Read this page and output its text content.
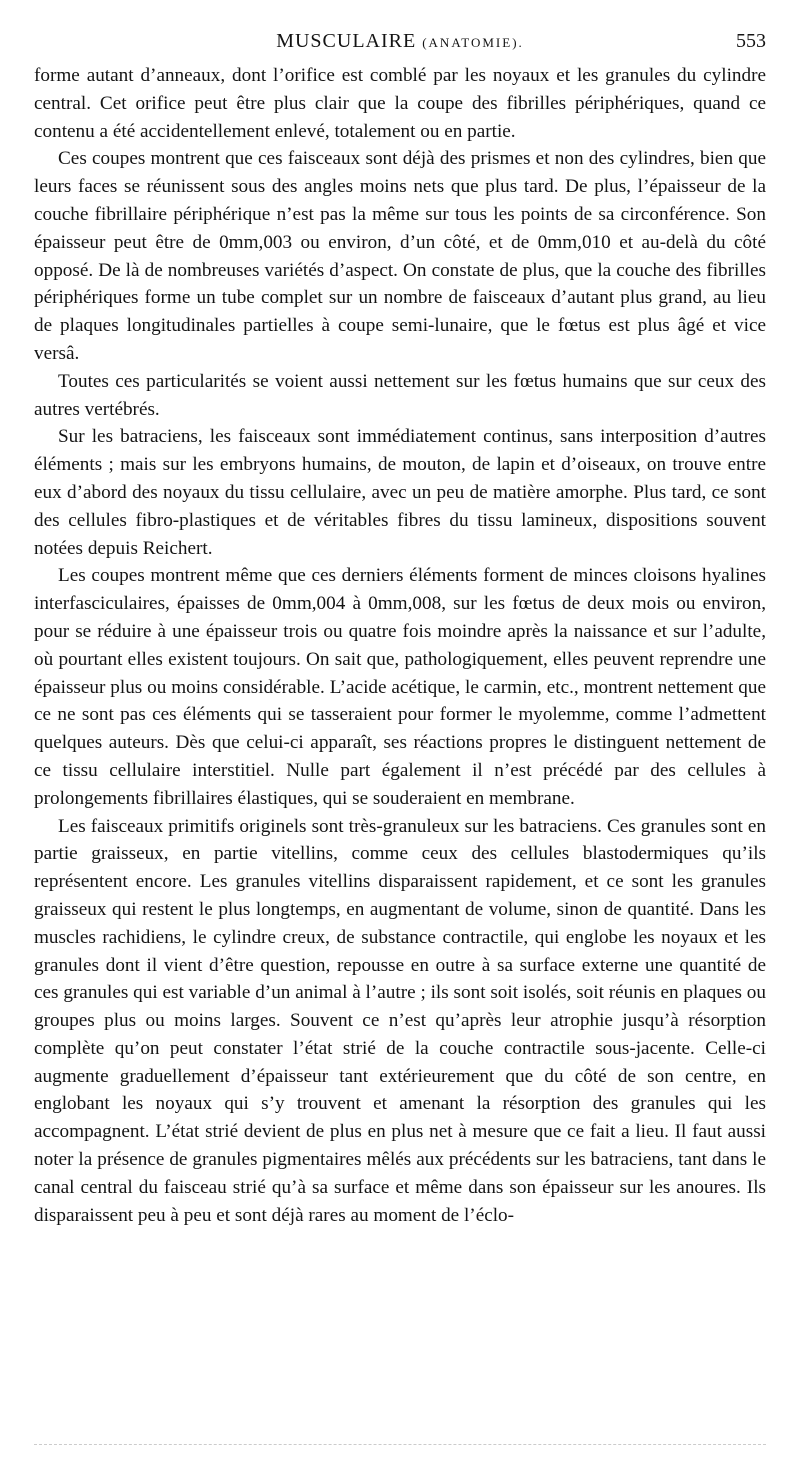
MUSCULAIRE (ANATOMIE).	553

forme autant d’anneaux, dont l’orifice est comblé par les noyaux et les granules du cylindre central. Cet orifice peut être plus clair que la coupe des fibrilles périphériques, quand ce contenu a été accidentellement enlevé, totalement ou en partie.

Ces coupes montrent que ces faisceaux sont déjà des prismes et non des cylindres, bien que leurs faces se réunissent sous des angles moins nets que plus tard. De plus, l’épaisseur de la couche fibrillaire périphérique n’est pas la même sur tous les points de sa circonférence. Son épaisseur peut être de 0mm,003 ou environ, d’un côté, et de 0mm,010 et au-delà du côté opposé. De là de nombreuses variétés d’aspect. On constate de plus, que la couche des fibrilles périphériques forme un tube complet sur un nombre de faisceaux d’autant plus grand, au lieu de plaques longitudinales partielles à coupe semi-lunaire, que le fœtus est plus âgé et vice versâ.

Toutes ces particularités se voient aussi nettement sur les fœtus humains que sur ceux des autres vertébrés.

Sur les batraciens, les faisceaux sont immédiatement continus, sans interposition d’autres éléments ; mais sur les embryons humains, de mouton, de lapin et d’oiseaux, on trouve entre eux d’abord des noyaux du tissu cellulaire, avec un peu de matière amorphe. Plus tard, ce sont des cellules fibro-plastiques et de véritables fibres du tissu lamineux, dispositions souvent notées depuis Reichert.

Les coupes montrent même que ces derniers éléments forment de minces cloisons hyalines interfasciculaires, épaisses de 0mm,004 à 0mm,008, sur les fœtus de deux mois ou environ, pour se réduire à une épaisseur trois ou quatre fois moindre après la naissance et sur l’adulte, où pourtant elles existent toujours. On sait que, pathologiquement, elles peuvent reprendre une épaisseur plus ou moins considérable. L’acide acétique, le carmin, etc., montrent nettement que ce ne sont pas ces éléments qui se tasseraient pour former le myolemme, comme l’admettent quelques auteurs. Dès que celui-ci apparaît, ses réactions propres le distinguent nettement de ce tissu cellulaire interstitiel. Nulle part également il n’est précédé par des cellules à prolongements fibrillaires élastiques, qui se souderaient en membrane.

Les faisceaux primitifs originels sont très-granuleux sur les batraciens. Ces granules sont en partie graisseux, en partie vitellins, comme ceux des cellules blastodermiques qu’ils représentent encore. Les granules vitellins disparaissent rapidement, et ce sont les granules graisseux qui restent le plus longtemps, en augmentant de volume, sinon de quantité. Dans les muscles rachidiens, le cylindre creux, de substance contractile, qui englobe les noyaux et les granules dont il vient d’être question, repousse en outre à sa surface externe une quantité de ces granules qui est variable d’un animal à l’autre ; ils sont soit isolés, soit réunis en plaques ou groupes plus ou moins larges. Souvent ce n’est qu’après leur atrophie jusqu’à résorption complète qu’on peut constater l’état strié de la couche contractile sous-jacente. Celle-ci augmente graduellement d’épaisseur tant extérieurement que du côté de son centre, en englobant les noyaux qui s’y trouvent et amenant la résorption des granules qui les accompagnent. L’état strié devient de plus en plus net à mesure que ce fait a lieu. Il faut aussi noter la présence de granules pigmentaires mêlés aux précédents sur les batraciens, tant dans le canal central du faisceau strié qu’à sa surface et même dans son épaisseur sur les anoures. Ils disparaissent peu à peu et sont déjà rares au moment de l’éclo-
